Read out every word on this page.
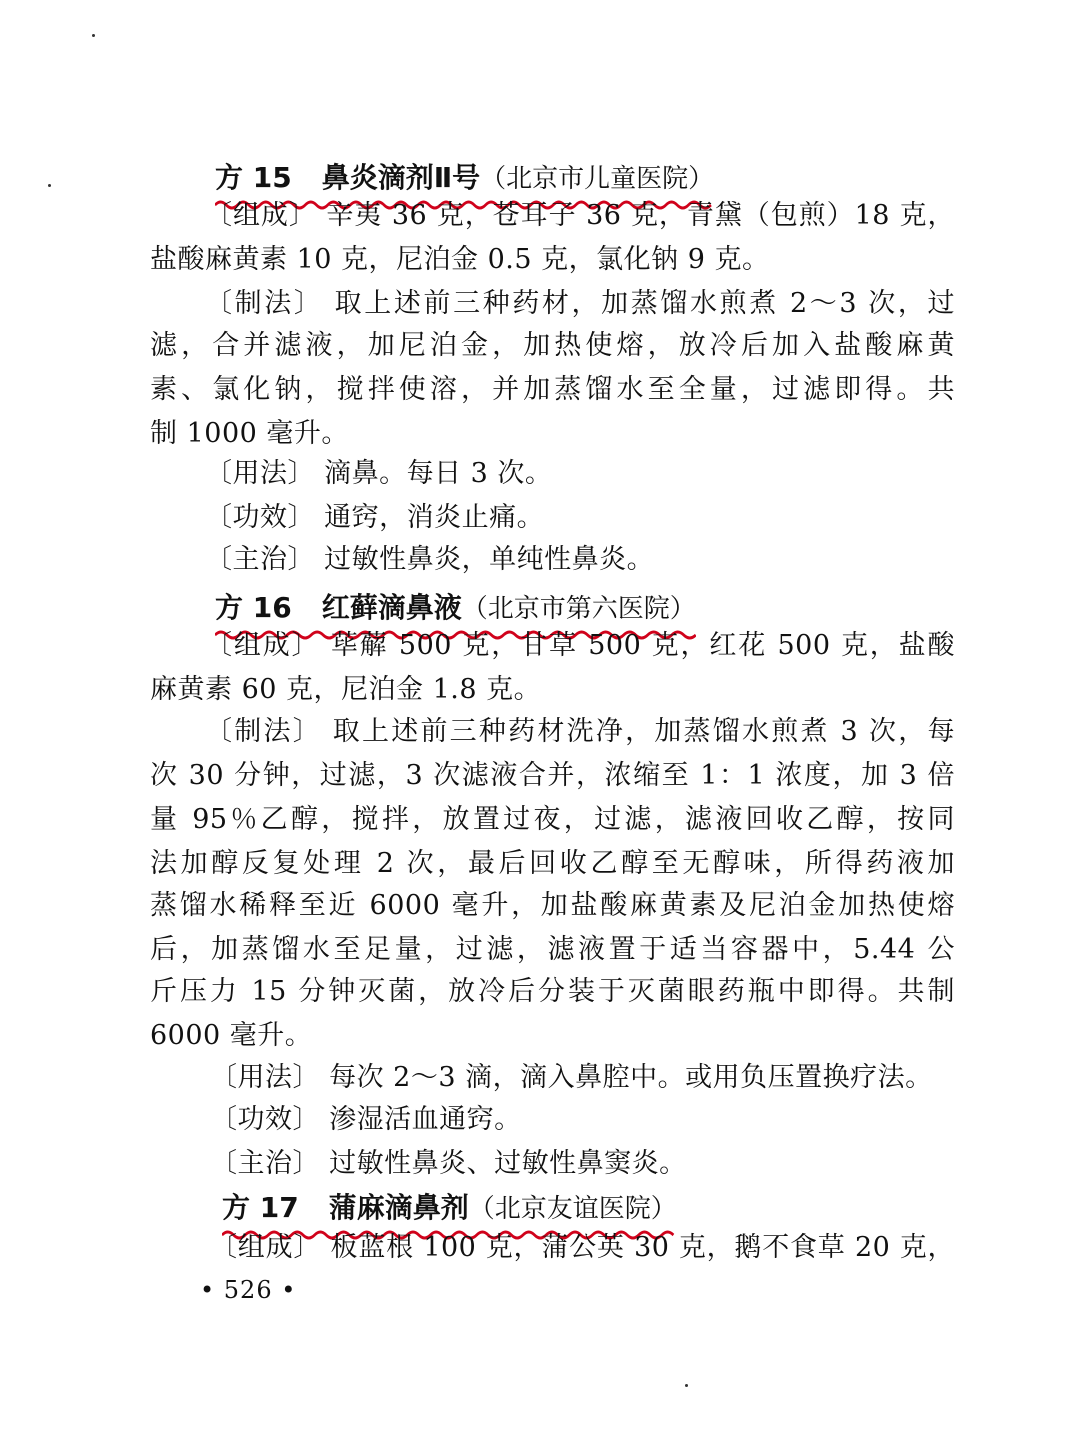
方 15 鼻炎滴剂Ⅱ号（北京市儿童医院）
〔组成〕 辛夷 36 克，苍耳子 36 克，青黛（包煎）18 克，
盐酸麻黄素 10 克，尼泊金 0.5 克，氯化钠 9 克。
〔制法〕 取上述前三种药材，加蒸馏水煎煮 2～3 次，过
滤，合并滤液，加尼泊金，加热使熔，放冷后加入盐酸麻黄
素、氯化钠，搅拌使溶，并加蒸馏水至全量，过滤即得。共
制 1000 毫升。
〔用法〕 滴鼻。每日 3 次。
〔功效〕 通窍，消炎止痛。
〔主治〕 过敏性鼻炎，单纯性鼻炎。
方 16 红藓滴鼻液（北京市第六医院）
〔组成〕 荜薢 500 克，甘草 500 克，红花 500 克，盐酸
麻黄素 60 克，尼泊金 1.8 克。
〔制法〕 取上述前三种药材洗净，加蒸馏水煎煮 3 次，每
次 30 分钟，过滤，3 次滤液合并，浓缩至 1：1 浓度，加 3 倍
量 95％乙醇，搅拌，放置过夜，过滤，滤液回收乙醇，按同
法加醇反复处理 2 次，最后回收乙醇至无醇味，所得药液加
蒸馏水稀释至近 6000 毫升，加盐酸麻黄素及尼泊金加热使熔
后，加蒸馏水至足量，过滤，滤液置于适当容器中，5.44 公
斤压力 15 分钟灭菌，放冷后分装于灭菌眼药瓶中即得。共制
6000 毫升。
〔用法〕 每次 2～3 滴，滴入鼻腔中。或用负压置换疗法。
〔功效〕 渗湿活血通窍。
〔主治〕 过敏性鼻炎、过敏性鼻窦炎。
方 17 蒲麻滴鼻剂（北京友谊医院）
〔组成〕 板蓝根 100 克，蒲公英 30 克，鹅不食草 20 克，
• 526 •
